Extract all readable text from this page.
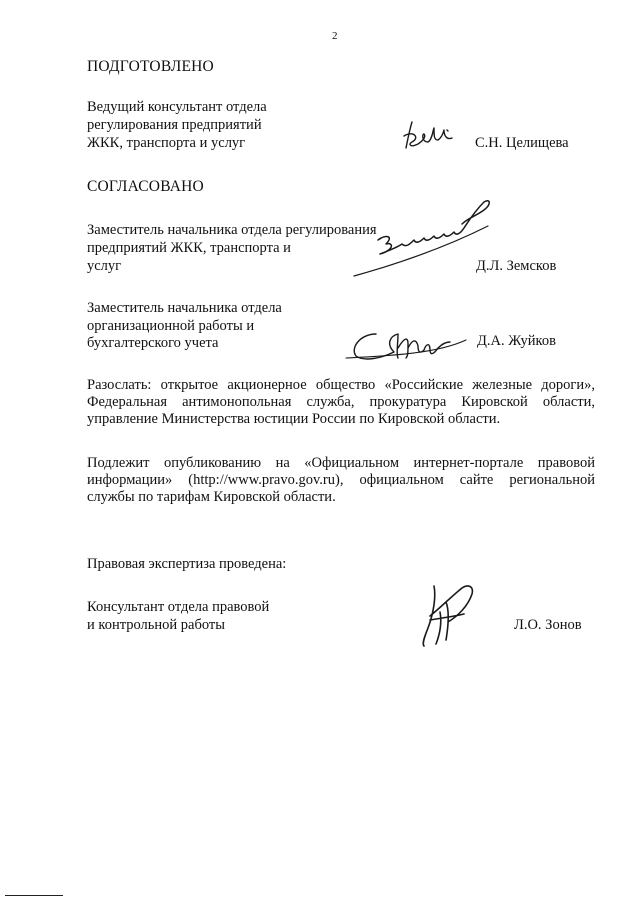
2
ПОДГОТОВЛЕНО
Ведущий консультант отдела
регулирования предприятий
ЖКК, транспорта и услуг	С.Н. Целищева
СОГЛАСОВАНО
Заместитель начальника отдела регулирования
предприятий ЖКК, транспорта и
услуг	Д.Л. Земсков
Заместитель начальника отдела
организационной работы и
бухгалтерского учета	Д.А. Жуйков
Разослать: открытое акционерное общество «Российские железные дороги», Федеральная антимонопольная служба, прокуратура Кировской области, управление Министерства юстиции России по Кировской области.
Подлежит опубликованию на «Официальном интернет-портале правовой информации» (http://www.pravo.gov.ru), официальном сайте региональной службы по тарифам Кировской области.
Правовая экспертиза проведена:
Консультант отдела правовой
и контрольной работы	Л.О. Зонов
